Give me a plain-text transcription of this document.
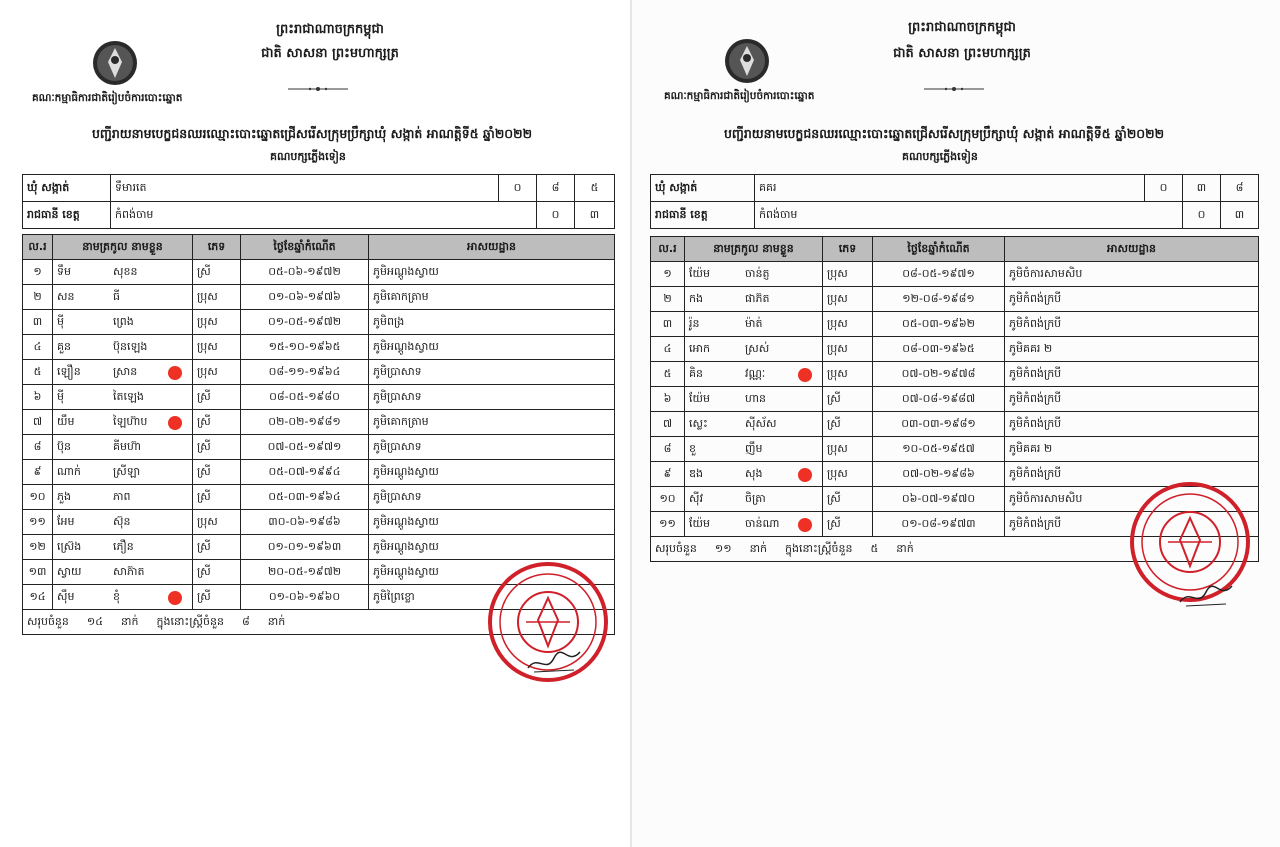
ព្រះរាជាណាចក្រកម្ពុជា
ជាតិ សាសនា ព្រះមហាក្សត្រ
គណៈកម្មាធិការជាតិរៀបចំការបោះឆ្នោត
បញ្ជីរាយនាមបេក្ខជនឈរឈ្មោះបោះឆ្នោតជ្រើសរើសក្រុមប្រឹក្សាឃុំ សង្កាត់ អាណត្តិទី៥ ឆ្នាំ២០២២
គណបក្សភ្លើងទៀន
ឃុំ សង្កាត់	ទឹមារតេ	០	៨	៥
រាជធានី ខេត្ត	កំពង់ចាម		០	៣
ល.រ	នាមត្រកូល នាមខ្លួន	ភេទ	ថ្ងៃខែឆ្នាំកំណើត	អាសយដ្ឋាន
១	ទឹម សុខន	ស្រី	០៥-០៦-១៩៧២	ភូមិអណ្តូងស្វាយ
២	សន ធី	ប្រុស	០១-០៦-១៩៧៦	ភូមិគោកត្រាម
៣	ម៉ី ព្រេង	ប្រុស	០១-០៥-១៩៧២	ភូមិពង្រ
៤	គួន ប៊ុនឡេង	ប្រុស	១៥-១០-១៩៦៥	ភូមិអណ្តូងស្វាយ
៥	ឡឿន ស្រាន	ប្រុស	០៨-១១-១៩៦៤	ភូមិប្រាសាទ
៦	ម៉ី តៃឡេង	ស្រី	០៨-០៥-១៩៨០	ភូមិប្រាសាទ
៧	យឹម ឡៃហ៊ាប	ស្រី	០២-០២-១៩៨១	ភូមិគោកត្រាម
៨	ប៊ុន គីមហ៊ា	ស្រី	០៧-០៥-១៩៧១	ភូមិប្រាសាទ
៩	ណាក់ ស្រីឡា	ស្រី	០៥-០៧-១៩៩៤	ភូមិអណ្តូងស្វាយ
១០	ភួង ភាព	ស្រី	០៥-០៣-១៩៦៤	ភូមិប្រាសាទ
១១	អែម ស៊ុន	ប្រុស	៣០-០៦-១៩៨៦	ភូមិអណ្តូងស្វាយ
១២	ស៊្រេង ភឿន	ស្រី	០១-០១-១៩៦៣	ភូមិអណ្តូងស្វាយ
១៣	ស្វាយ សាភ៊ាត	ស្រី	២០-០៥-១៩៧២	ភូមិអណ្តូងស្វាយ
១៤	ស៊ឹម ខុំ	ស្រី	០១-០៦-១៩៦០	ភូមិព្រៃខ្លោ
សរុបចំនួន ១៤ នាក់ ក្នុងនោះស្ត្រីចំនួន ៨ នាក់				
ព្រះរាជាណាចក្រកម្ពុជា
ជាតិ សាសនា ព្រះមហាក្សត្រ
គណៈកម្មាធិការជាតិរៀបចំការបោះឆ្នោត
បញ្ជីរាយនាមបេក្ខជនឈរឈ្មោះបោះឆ្នោតជ្រើសរើសក្រុមប្រឹក្សាឃុំ សង្កាត់ អាណត្តិទី៥ ឆ្នាំ២០២២
គណបក្សភ្លើងទៀន
ឃុំ សង្កាត់	គគរ	០	៣	៨
រាជធានី ខេត្ត	កំពង់ចាម		០	៣
ល.រ	នាមត្រកូល នាមខ្លួន	ភេទ	ថ្ងៃខែឆ្នាំកំណើត	អាសយដ្ឋាន
១	យ៉ែម ចាន់ត្ញ	ប្រុស	០៨-០៥-១៩៧១	ភូមិចំការសាមសិប
២	កង ផាភ៊ត	ប្រុស	១២-០៨-១៩៨១	ភូមិកំពង់ក្របី
៣	រ៉ូន ម៉ាត់	ប្រុស	០៥-០៣-១៩៦២	ភូមិកំពង់ក្របី
៤	អោក ស្រស់	ប្រុស	០៨-០៣-១៩៦៥	ភូមិគគរ ២
៥	គិន វណ្ណៈ	ប្រុស	០៧-០២-១៩៧៨	ភូមិកំពង់ក្របី
៦	យ៉ែម ហាន	ស្រី	០៧-០៨-១៩៨៧	ភូមិកំពង់ក្របី
៧	ស្លេះ ស៊ីស័ស	ស្រី	០៣-០៣-១៩៨១	ភូមិកំពង់ក្របី
៨	ខួ ញឹម	ប្រុស	១០-០៥-១៩៥៧	ភូមិគគរ ២
៩	ឌង សុង	ប្រុស	០៧-០២-១៩៨៦	ភូមិកំពង់ក្របី
១០	ស៊ីវ ចិត្រា	ស្រី	០៦-០៧-១៩៧០	ភូមិចំការសាមសិប
១១	យ៉ែម ចាន់ណា	ស្រី	០១-០៨-១៩៧៣	ភូមិកំពង់ក្របី
សរុបចំនួន ១១ នាក់ ក្នុងនោះស្ត្រីចំនួន ៥ នាក់				
